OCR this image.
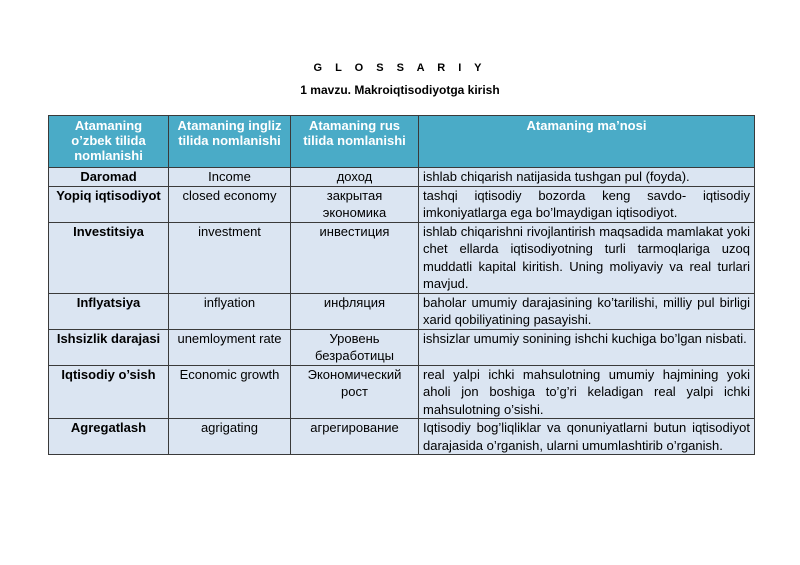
G L O S S A R I Y
1 mavzu. Makroiqtisodiyotga kirish
Atamaning o’zbek tilida nomlanishi	Atamaning ingliz tilida nomlanishi	Atamaning rus tilida nomlanishi	Atamaning ma’nosi
Daromad	Income	доход	ishlab chiqarish natijasida tushgan pul (foyda).
Yopiq iqtisodiyot	closed economy	закрытая экономика	tashqi iqtisodiy bozorda keng savdo- iqtisodiy imkoniyatlarga ega bo’lmaydigan iqtisodiyot.
Investitsiya	investment	инвестиция	ishlab chiqarishni rivojlantirish maqsadida mamlakat yoki chet ellarda iqtisodiyotning turli tarmoqlariga uzoq muddatli kapital kiritish. Uning moliyaviy va real turlari mavjud.
Inflyatsiya	inflyation	инфляция	baholar umumiy darajasining ko’tarilishi, milliy pul birligi xarid qobiliyatining pasayishi.
Ishsizlik darajasi	unemloyment rate	Уровень безработицы	ishsizlar umumiy sonining ishchi kuchiga bo’lgan nisbati.
Iqtisodiy o’sish	Economic growth	Экономический рост	real yalpi ichki mahsulotning umumiy hajmining yoki aholi jon boshiga to’g’ri keladigan real yalpi ichki mahsulotning o’sishi.
Agregatlash	agrigating	агрегирование	Iqtisodiy bog’liqliklar va qonuniyatlarni butun iqtisodiyot darajasida o’rganish, ularni umumlashtirib o’rganish.
